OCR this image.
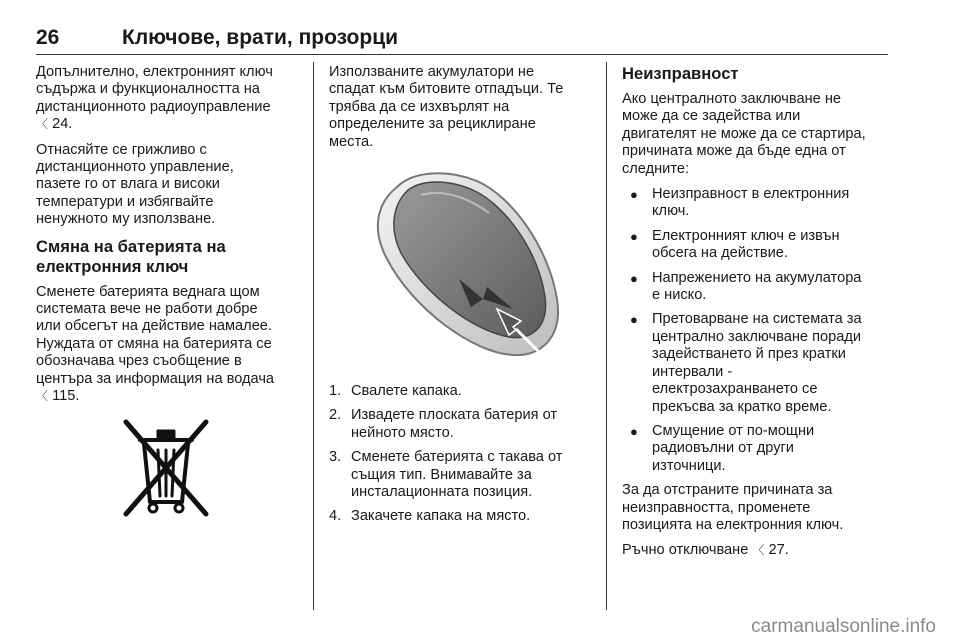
26	Ключове, врати, прозорци

Допълнително, електронният ключ
съдържа и функционалността на
дистанционното радиоуправление
〈 24.

Отнасяйте се грижливо с
дистанционното управление,
пазете го от влага и високи
температури и избягвайте
ненужното му използване.

Смяна на батерията на
електронния ключ

Сменете батерията веднага щом
системата вече не работи добре
или обсегът на действие намалее.
Нуждата от смяна на батерията се
обозначава чрез съобщение в
центъра за информация на водача
〈 115.

Използваните акумулатори не
спадат към битовите отпадъци. Те
трябва да се изхвърлят на
определените за рециклиране
места.

1. Свалете капака.
2. Извадете плоската батерия от
нейното място.
3. Сменете батерията с такава от
същия тип. Внимавайте за
инсталационната позиция.
4. Закачете капака на място.
Неизправност

Ако централното заключване не
може да се задейства или
двигателят не може да се стартира,
причината може да бъде една от
следните:

● Неизправност в електронния
ключ.
● Електронният ключ е извън
обсега на действие.
● Напрежението на акумулатора
е ниско.
● Претоварване на системата за
централно заключване поради
задействането й през кратки
интервали -
електрозахранването се
прекъсва за кратко време.
● Смущение от по-мощни
радиовълни от други
източници.

За да отстраните причината за
неизправността, променете
позицията на електронния ключ.

Ръчно отключване 〈 27.

carmanualsonline.info
